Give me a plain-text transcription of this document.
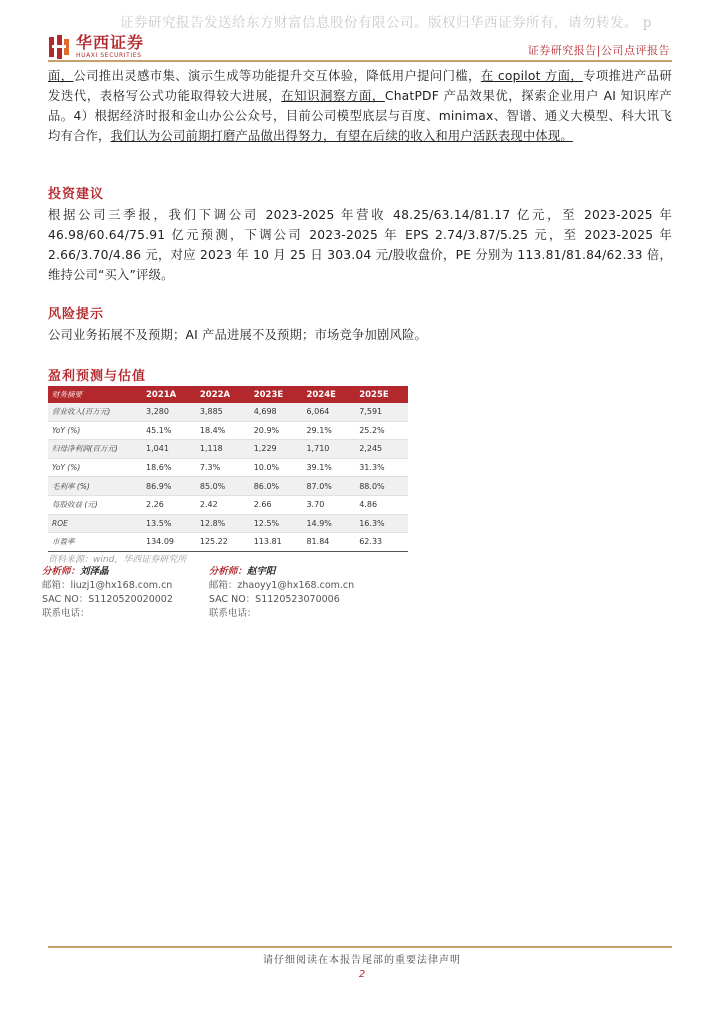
证券研究报告发送给东方财富信息股份有限公司。版权归华西证券所有，请勿转发。 p
华西证券
HUAXI SECURITIES	证券研究报告|公司点评报告
面，公司推出灵感市集、演示生成等功能提升交互体验，降低用户提问门槛，在 copilot 方面，专项推进产品研发迭代，表格写公式功能取得较大进展，在知识洞察方面，ChatPDF 产品效果优，探索企业用户 AI 知识库产品。4）根据经济时报和金山办公公众号，目前公司模型底层与百度、minimax、智谱、通义大模型、科大讯飞均有合作，我们认为公司前期打磨产品做出得努力，有望在后续的收入和用户活跃表现中体现。
投资建议
根据公司三季报，我们下调公司 2023-2025 年营收 48.25/63.14/81.17 亿元，至 2023-2025 年 46.98/60.64/75.91 亿元预测，下调公司 2023-2025 年 EPS 2.74/3.87/5.25 元，至 2023-2025 年 2.66/3.70/4.86 元，对应 2023 年 10 月 25 日 303.04 元/股收盘价，PE 分别为 113.81/81.84/62.33 倍，维持公司“买入”评级。
风险提示
公司业务拓展不及预期；AI 产品进展不及预期；市场竞争加剧风险。
盈利预测与估值
财务摘要	2021A	2022A	2023E	2024E	2025E
营业收入(百万元)	3,280	3,885	4,698	6,064	7,591
YoY (%)	45.1%	18.4%	20.9%	29.1%	25.2%
归母净利润(百万元)	1,041	1,118	1,229	1,710	2,245
YoY (%)	18.6%	7.3%	10.0%	39.1%	31.3%
毛利率 (%)	86.9%	85.0%	86.0%	87.0%	88.0%
每股收益 (元)	2.26	2.42	2.66	3.70	4.86
ROE	13.5%	12.8%	12.5%	14.9%	16.3%
市盈率	134.09	125.22	113.81	81.84	62.33
资料来源：wind，华西证券研究所
分析师：刘泽晶
邮箱：liuzj1@hx168.com.cn
SAC NO：S1120520020002
联系电话：
分析师：赵宇阳
邮箱：zhaoyy1@hx168.com.cn
SAC NO：S1120523070006
联系电话：
请仔细阅读在本报告尾部的重要法律声明
2
